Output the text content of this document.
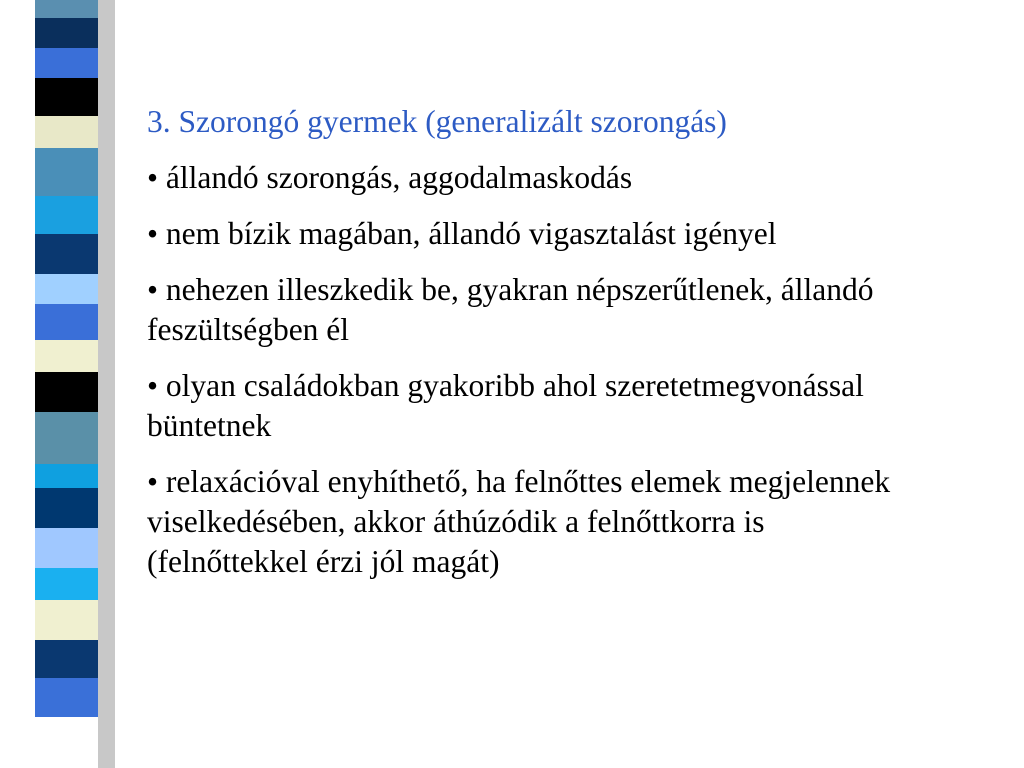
3. Szorongó gyermek (generalizált szorongás)
• állandó szorongás, aggodalmaskodás
• nem bízik magában, állandó vigasztalást igényel
• nehezen illeszkedik be, gyakran népszerűtlenek, állandó feszültségben él
• olyan családokban gyakoribb ahol szeretetmegvonással büntetnek
• relaxációval enyhíthető, ha felnőttes elemek megjelennek viselkedésében, akkor áthúzódik a felnőttkorra is (felnőttekkel érzi jól magát)
